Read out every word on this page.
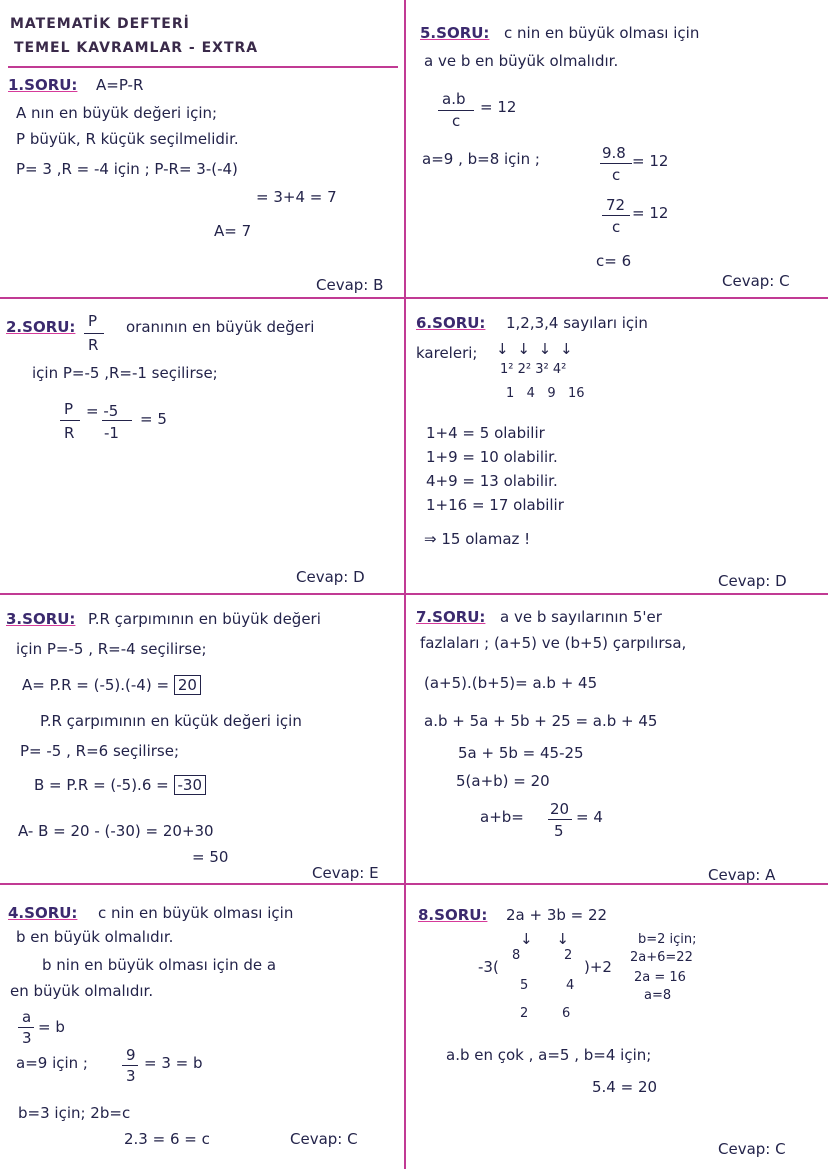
MATEMATİK DEFTERİ
TEMEL KAVRAMLAR - EXTRA
1.SORU: A=P-R
A nın en büyük değeri için;
P büyük, R küçük seçilmelidir.
P= 3 ,R = -4 için ; P-R= 3-(-4)
= 3+4 = 7
A= 7
Cevap: B
2.SORU: P
R
oranının en büyük değeri
için P=-5 ,R=-1 seçilirse;
P
R
= -5
-1
= 5
Cevap: D
3.SORU: P.R çarpımının en büyük değeri
için P=-5 , R=-4 seçilirse;
A= P.R = (-5).(-4) = 20
P.R çarpımının en küçük değeri için
P= -5 , R=6 seçilirse;
B = P.R = (-5).6 = -30
A- B = 20 - (-30) = 20+30
= 50
Cevap: E
4.SORU: c nin en büyük olması için
b en büyük olmalıdır.
b nin en büyük olması için de a
en büyük olmalıdır.
a
3
= b
a=9 için ;	9
3
= 3 = b
b=3 için; 2b=c
2.3 = 6 = c	Cevap: C
5.SORU: c nin en büyük olması için
a ve b en büyük olmalıdır.
a.b
c
= 12
a=9 , b=8 için ;	9.8
c
= 12
72
c
= 12
c= 6
Cevap: C
6.SORU: 1,2,3,4 sayıları için
kareleri; ↓ ↓ ↓ ↓
1² 2² 3² 4²
1   4   9   16
1+4 = 5 olabilir
1+9 = 10 olabilir.
4+9 = 13 olabilir.
1+16 = 17 olabilir
⇒ 15 olamaz !
Cevap: D
7.SORU: a ve b sayılarının 5'er
fazlaları ; (a+5) ve (b+5) çarpılırsa,
(a+5).(b+5)= a.b + 45
a.b + 5a + 5b + 25 = a.b + 45
5a + 5b = 45-25
5(a+b) = 20
a+b= 20
5
= 4
Cevap: A
8.SORU: 2a + 3b = 22
↓     ↓
-3(
8	2
5	4
2	6
)+2
b=2 için;
2a+6=22
2a = 16
a=8
a.b en çok , a=5 , b=4 için;
5.4 = 20
Cevap: C
